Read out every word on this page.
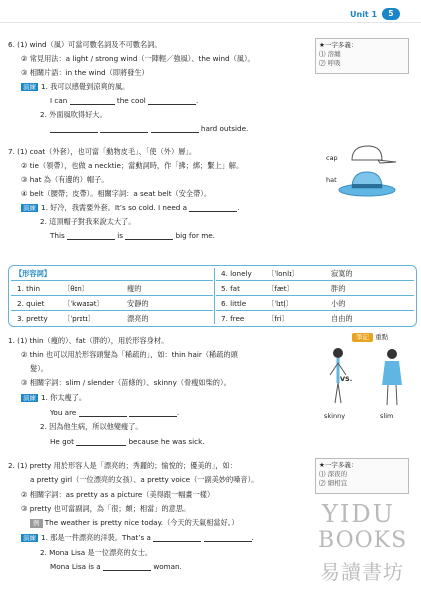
Unit 1	5
6. (1) wind（風）可當可數名詞及不可數名詞。
② 常見用法：a light / strong wind（一陣輕／強風）、the wind（風）。
③ 相關片語：in the wind（即將發生）
演練 1. 我可以感覺到涼爽的風。
I can	the cool	.
2. 外面風吹得好大。
hard outside.
★一字多義：
⑴ 溶纏
⑵ 呼吸
7. (1) coat（外套），也可當「動物皮毛」、「使（外）層」。
② tie（領帶），也做 a necktie；當動詞時，作「拂；綁；繫上」解。
③ hat 為（有邊的）帽子。
④ belt（腰帶；皮帶）。相關字詞：a seat belt（安全帶）。
演練 1. 好冷，我需要外套。It’s so cold. I need a	.
2. 這頂帽子對我來說太大了。
This	is	big for me.
cap
hat
【形容詞】
1. thin	〔θɪn〕	瘦的
2. quiet	〔ˈkwaɪət〕	安靜的
3. pretty 〔ˈprɪtɪ〕	漂亮的
4. lonely 〔ˈlonlɪ〕	寂寞的
5. fat	〔fæt〕	胖的
6. little	〔ˈlɪtl̩〕	小的
7. free	〔fri〕	自由的
1. (1) thin（瘦的）、fat（胖的），用於形容身材。
② thin 也可以用於形容頭髮為「稀疏的」，如：thin hair（稀疏的頭
髮）。
③ 相關字詞：slim / slender（苗條的）、skinny（骨瘦如柴的）。
演練 1. 你太瘦了。
You are	.
2. 因為他生病，所以他變瘦了。
He got	because he was sick.
筆記 重點
VS.
skinny	slim
2. (1) pretty 用於形容人是「漂亮的；秀麗的；愉悅的；優美的」，如：
a pretty girl（一位漂亮的女孩）、a pretty voice（一副美妙的嗓音）。
② 相關字詞：as pretty as a picture（美得跟一幅畫一樣）
③ pretty 也可當副詞，為「很；頗；相當」的意思。
例 The weather is pretty nice today.（今天的天氣相當好。）
演練 1. 那是一件漂亮的洋裝。That’s a	.
2. Mona Lisa 是一位漂亮的女士。
Mona Lisa is a	woman.
★一字多義：
⑴ 深夜的
⑵ 細相宜
YIDU
BOOKS
易讀書坊
